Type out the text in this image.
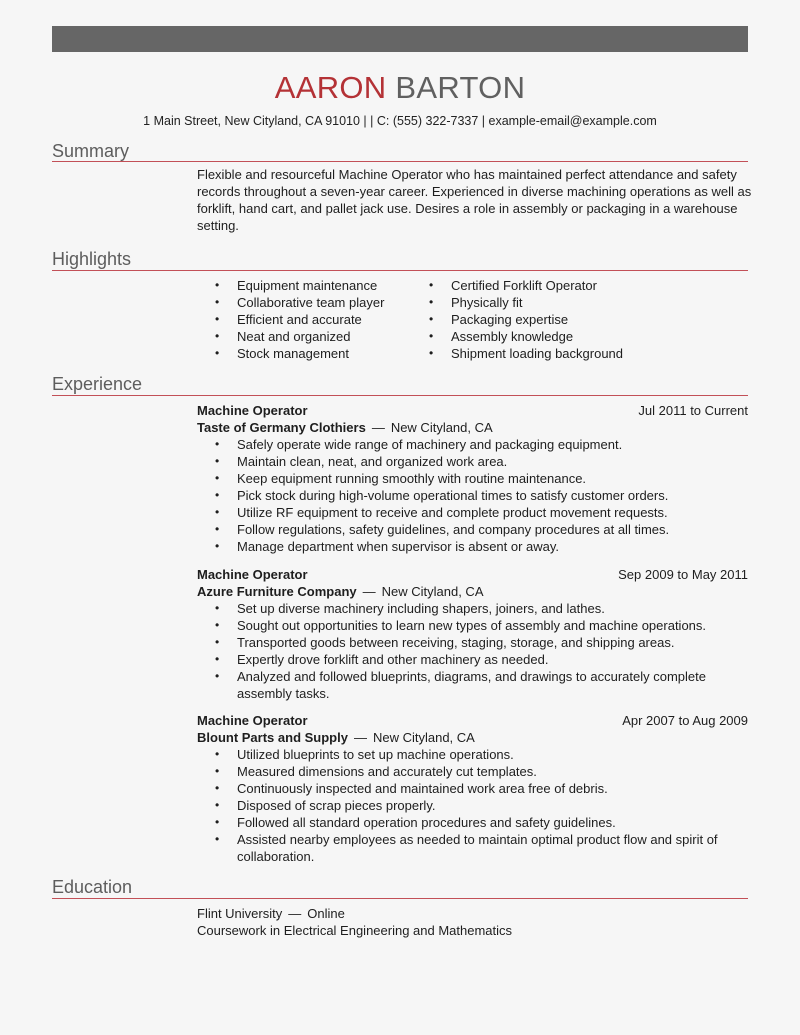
AARON BARTON
1 Main Street, New Cityland, CA 91010 | | C: (555) 322-7337 | example-email@example.com
Summary
Flexible and resourceful Machine Operator who has maintained perfect attendance and safety records throughout a seven-year career. Experienced in diverse machining operations as well as forklift, hand cart, and pallet jack use. Desires a role in assembly or packaging in a warehouse setting.
Highlights
• Equipment maintenance
• Collaborative team player
• Efficient and accurate
• Neat and organized
• Stock management
• Certified Forklift Operator
• Physically fit
• Packaging expertise
• Assembly knowledge
• Shipment loading background
Experience
Machine Operator	Jul 2011 to Current
Taste of Germany Clothiers — New Cityland, CA
• Safely operate wide range of machinery and packaging equipment.
• Maintain clean, neat, and organized work area.
• Keep equipment running smoothly with routine maintenance.
• Pick stock during high-volume operational times to satisfy customer orders.
• Utilize RF equipment to receive and complete product movement requests.
• Follow regulations, safety guidelines, and company procedures at all times.
• Manage department when supervisor is absent or away.
Machine Operator	Sep 2009 to May 2011
Azure Furniture Company — New Cityland, CA
• Set up diverse machinery including shapers, joiners, and lathes.
• Sought out opportunities to learn new types of assembly and machine operations.
• Transported goods between receiving, staging, storage, and shipping areas.
• Expertly drove forklift and other machinery as needed.
• Analyzed and followed blueprints, diagrams, and drawings to accurately complete assembly tasks.
Machine Operator	Apr 2007 to Aug 2009
Blount Parts and Supply — New Cityland, CA
• Utilized blueprints to set up machine operations.
• Measured dimensions and accurately cut templates.
• Continuously inspected and maintained work area free of debris.
• Disposed of scrap pieces properly.
• Followed all standard operation procedures and safety guidelines.
• Assisted nearby employees as needed to maintain optimal product flow and spirit of collaboration.
Education
Flint University — Online
Coursework in Electrical Engineering and Mathematics
